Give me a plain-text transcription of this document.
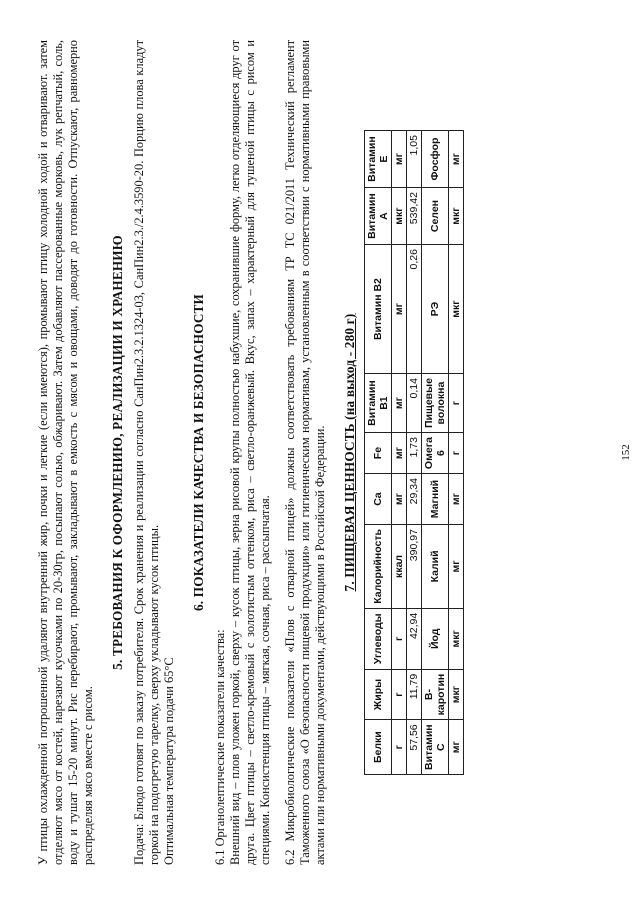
У птицы охлажденной потрошенной удаляют внутренний жир, почки и легкие (если имеются), промывают птицу холодной ходой и отваривают. затем отделяют мясо от костей, нарезают кусочками по 20-30гр, посыпают солью, обжаривают. Затем добавляют пассерованные морковь, лук репчатый, соль, воду и тушат 15-20 минут. Рис перебирают, промывают, закладывают в емкость с мясом и овощами, доводят до готовности. Отпускают, равномерно распределяя мясо вместе с рисом.

5. ТРЕБОВАНИЯ К ОФОРМЛЕНИЮ, РЕАЛИЗАЦИИ И ХРАНЕНИЮ Подача: Блюдо готовят по заказу потребителя. Срок хранения и реализации согласно СанПин2.3.2.1324-03, СанПин2.3./2.4.3590-20. Порцию плова кладут горкой на подогретую тарелку, сверху укладывают кусок птицы. Оптимальная температура подачи 65°С

6. ПОКАЗАТЕЛИ КАЧЕСТВА И БЕЗОПАСНОСТИ

6.1 Органолептические показатели качества: Внешний вид – плов уложен горкой, сверху – кусок птицы, зерна рисовой крупы полностью набухшие, сохранившие форму, легко отделяющиеся друг от друга. Цвет птицы – светло-кремовый с золотистым оттенком, риса – светло-оранжевый. Вкус, запах – характерный для тушеной птицы с рисом и специями. Консистенция птицы – мягкая, сочная, риса – рассыпчатая. 6.2 Микробиологические показатели «Плов с отварной птицей» должны соответствовать требованиям ТР ТС 021/2011 Технический регламент Таможенного союза «О безопасности пищевой продукции» или гигиеническим нормативам, установленным в соответствии с нормативными правовыми актами или нормативными документами, действующими в Российской Федерации. 7. ПИЩЕВАЯ ЦЕННОСТЬ (на выход - 280 г)
Белки	Жиры	Углеводы	Калорийность	Ca	Fe	Витамин В1	Витамин В2	Витамин А	Витамин Е
г	г	г	ккал	мг	мг	мг	мг	мкг	мг
57,56	11,79	42,94	390,97	29,34	1,73	0,14	0,26	539,42	1,05
Витамин С	В-каротин	Йод	Калий	Магний	Омега 6	Пищевые волокна	РЭ	Селен	Фосфор
мг	мкг	мкг	мг	мг	г	г	мкг	мкг	мг
152
